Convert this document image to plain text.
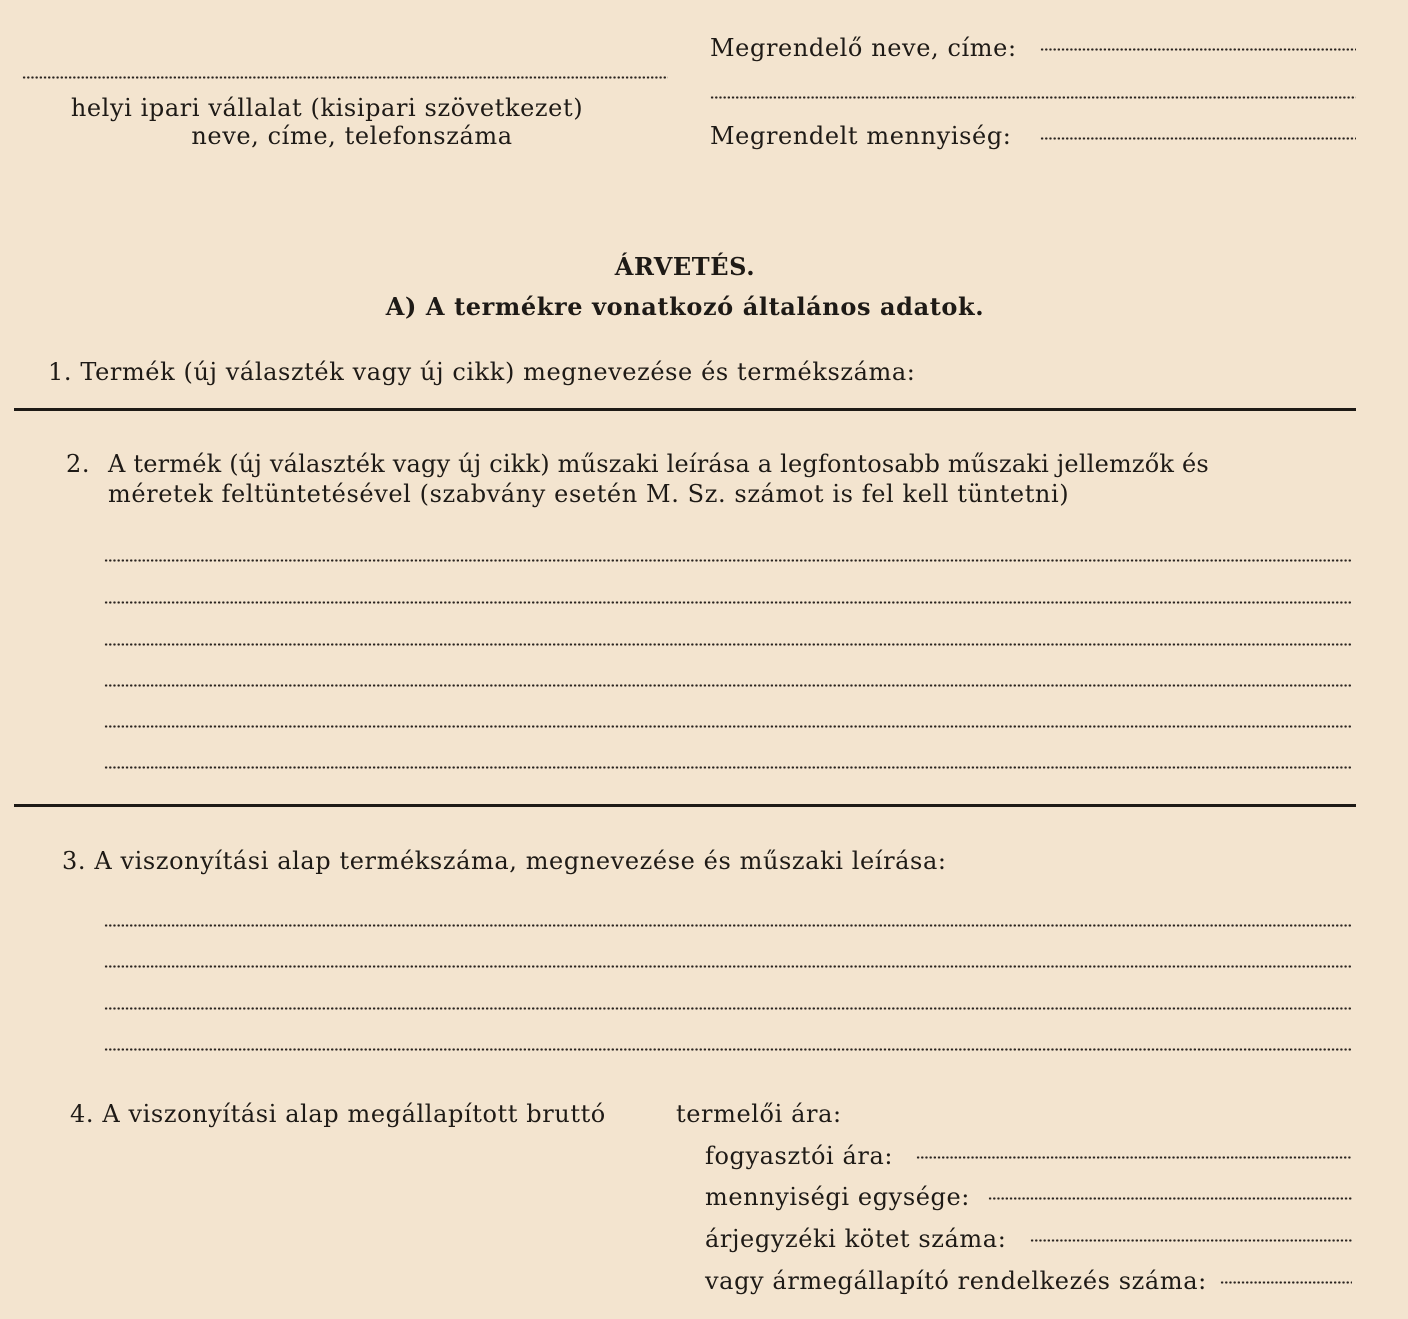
helyi ipari vállalat (kisipari szövetkezet)
neve, címe, telefonszáma
Megrendelő neve, címe:
Megrendelt mennyiség:
ÁRVETÉS.
A) A termékre vonatkozó általános adatok.
1. Termék (új választék vagy új cikk) megnevezése és termékszáma:
2. A termék (új választék vagy új cikk) műszaki leírása a legfontosabb műszaki jellemzők és
méretek feltüntetésével (szabvány esetén M. Sz. számot is fel kell tüntetni)
3. A viszonyítási alap termékszáma, megnevezése és műszaki leírása:
4. A viszonyítási alap megállapított bruttó	termelői ára:
fogyasztói ára:
mennyiségi egysége:
árjegyzéki kötet száma:
vagy ármegállapító rendelkezés száma:
